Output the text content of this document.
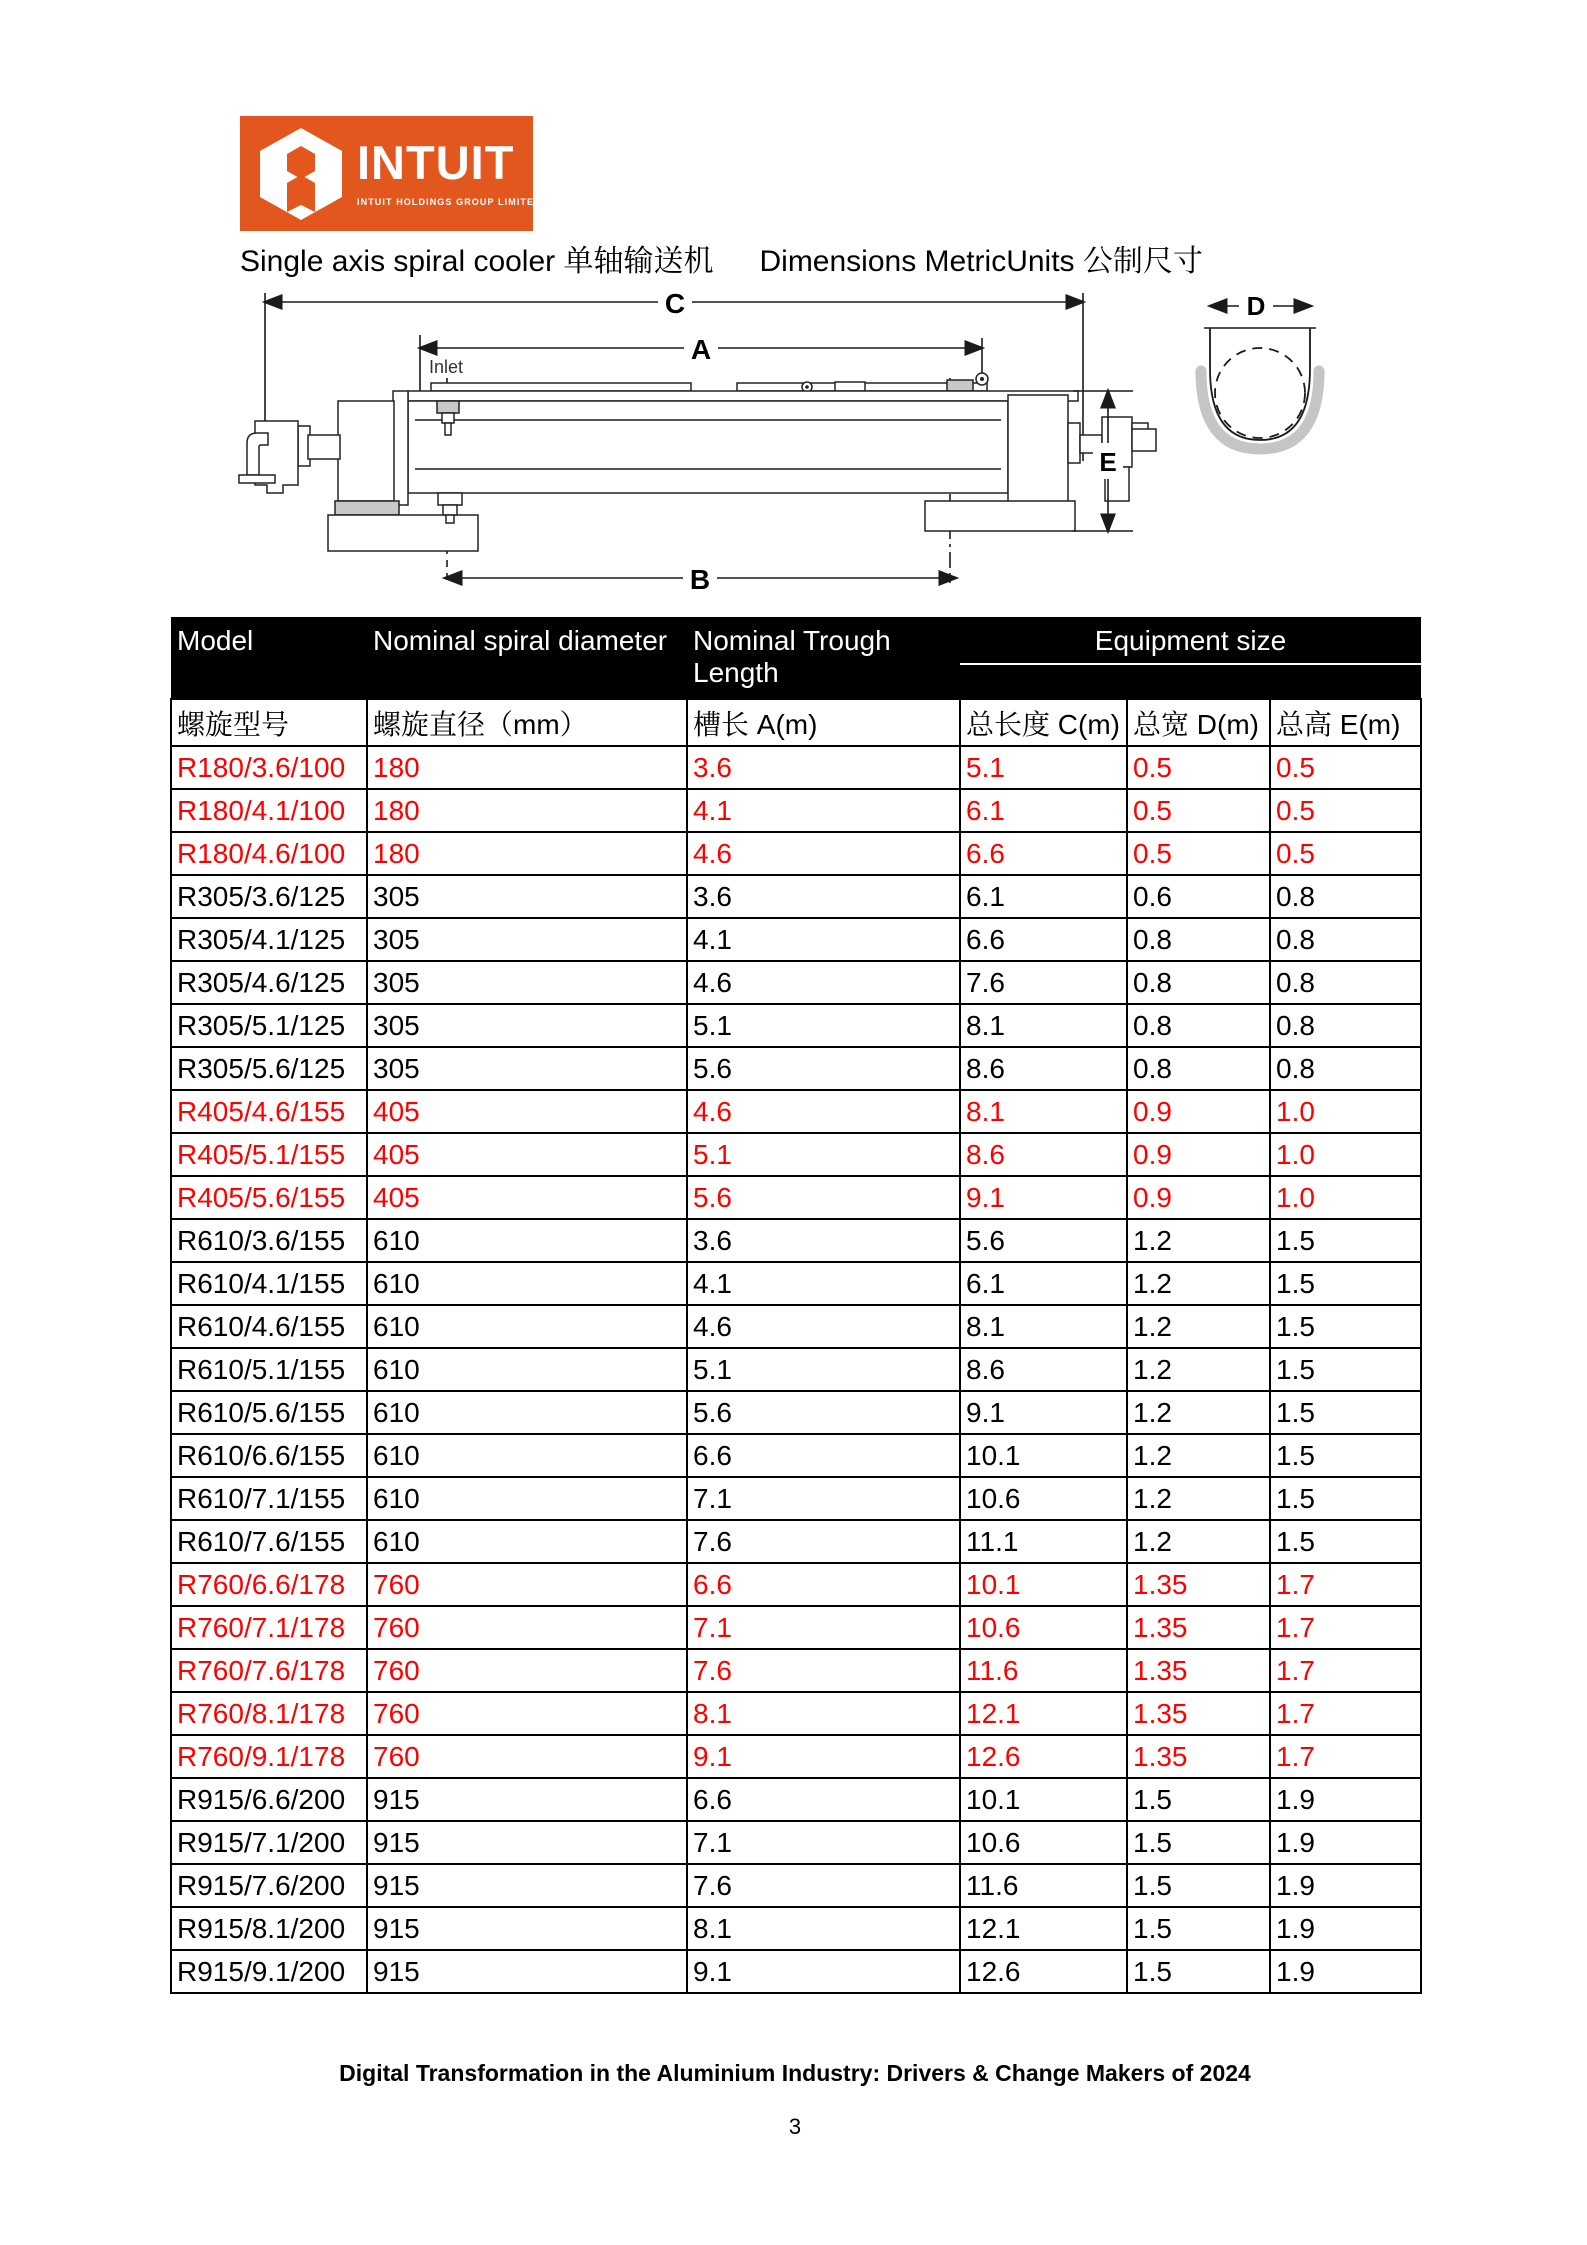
INTUIT
INTUIT HOLDINGS GROUP LIMITED
Single axis spiral cooler 单轴输送机 Dimensions MetricUnits 公制尺寸
C
A
Inlet
E
B
D
Model	Nominal spiral diameter	Nominal Trough Length	Equipment size		

螺旋型号	螺旋直径（mm）	槽长 A(m)	总长度 C(m)	总宽 D(m)	总高 E(m)
R180/3.6/100	180	3.6	5.1	0.5	0.5
R180/4.1/100	180	4.1	6.1	0.5	0.5
R180/4.6/100	180	4.6	6.6	0.5	0.5
R305/3.6/125	305	3.6	6.1	0.6	0.8
R305/4.1/125	305	4.1	6.6	0.8	0.8
R305/4.6/125	305	4.6	7.6	0.8	0.8
R305/5.1/125	305	5.1	8.1	0.8	0.8
R305/5.6/125	305	5.6	8.6	0.8	0.8
R405/4.6/155	405	4.6	8.1	0.9	1.0
R405/5.1/155	405	5.1	8.6	0.9	1.0
R405/5.6/155	405	5.6	9.1	0.9	1.0
R610/3.6/155	610	3.6	5.6	1.2	1.5
R610/4.1/155	610	4.1	6.1	1.2	1.5
R610/4.6/155	610	4.6	8.1	1.2	1.5
R610/5.1/155	610	5.1	8.6	1.2	1.5
R610/5.6/155	610	5.6	9.1	1.2	1.5
R610/6.6/155	610	6.6	10.1	1.2	1.5
R610/7.1/155	610	7.1	10.6	1.2	1.5
R610/7.6/155	610	7.6	11.1	1.2	1.5
R760/6.6/178	760	6.6	10.1	1.35	1.7
R760/7.1/178	760	7.1	10.6	1.35	1.7
R760/7.6/178	760	7.6	11.6	1.35	1.7
R760/8.1/178	760	8.1	12.1	1.35	1.7
R760/9.1/178	760	9.1	12.6	1.35	1.7
R915/6.6/200	915	6.6	10.1	1.5	1.9
R915/7.1/200	915	7.1	10.6	1.5	1.9
R915/7.6/200	915	7.6	11.6	1.5	1.9
R915/8.1/200	915	8.1	12.1	1.5	1.9
R915/9.1/200	915	9.1	12.6	1.5	1.9
Digital Transformation in the Aluminium Industry: Drivers & Change Makers of 2024
3
